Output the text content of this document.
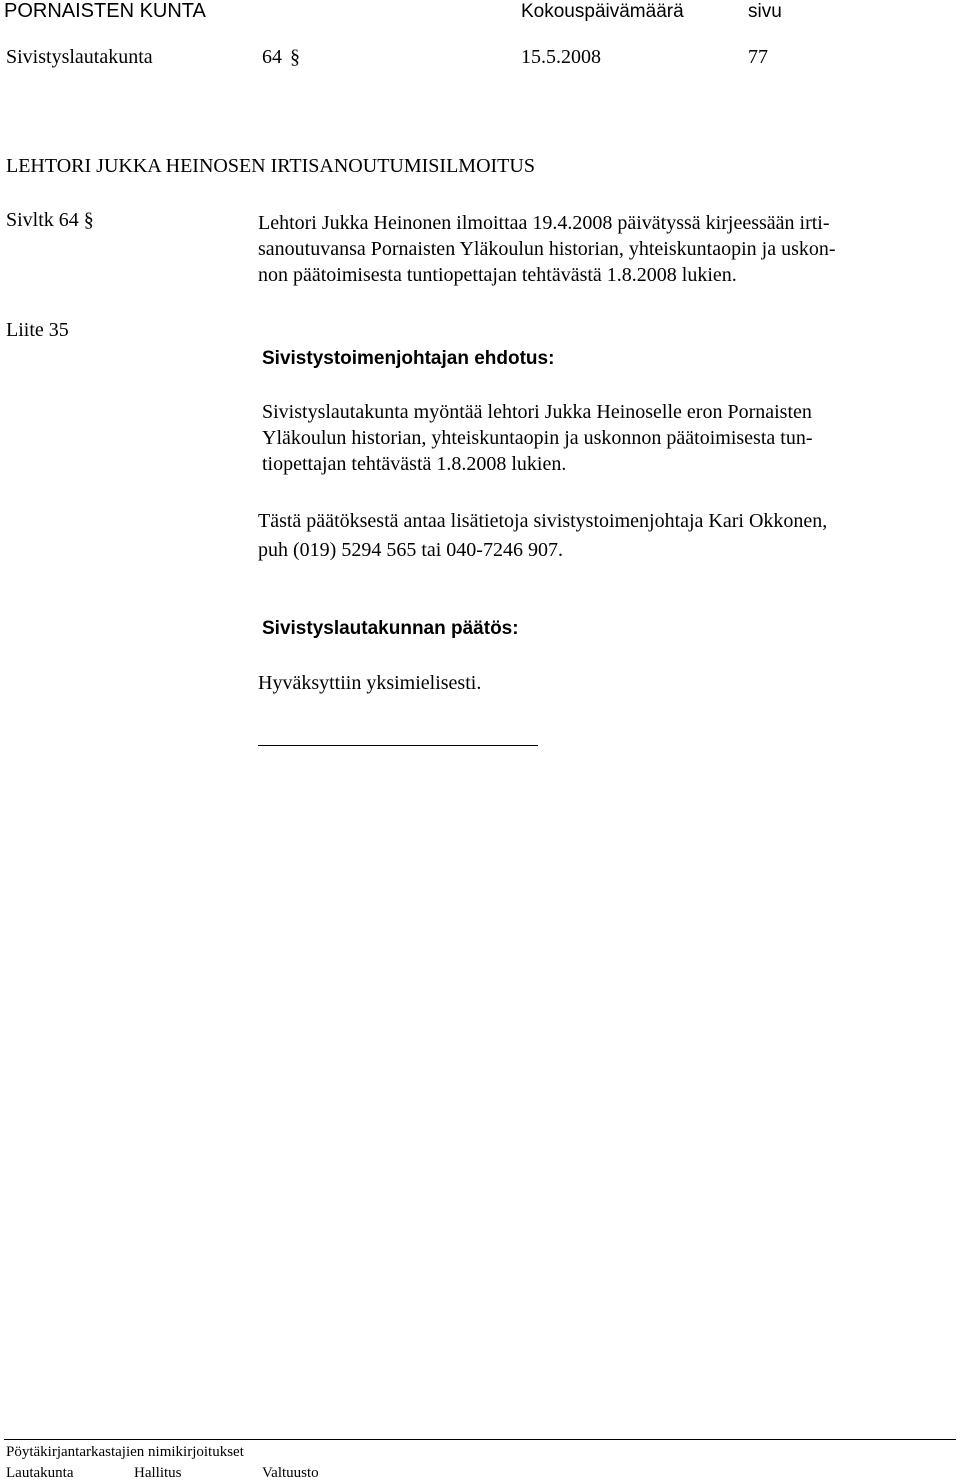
PORNAISTEN KUNTA	Kokouspäivämäärä	sivu
Sivistyslautakunta	64 §	15.5.2008	77
LEHTORI JUKKA HEINOSEN IRTISANOUTUMISILMOITUS
Sivltk 64 §
Liite 35

Lehtori Jukka Heinonen ilmoittaa 19.4.2008 päivätyssä kirjeessään irti-

sanoutuvansa Pornaisten Yläkoulun historian, yhteiskuntaopin ja uskon-

non päätoimisesta tuntiopettajan tehtävästä 1.8.2008 lukien.

Sivistystoimenjohtajan ehdotus:

Sivistyslautakunta myöntää lehtori Jukka Heinoselle eron Pornaisten

Yläkoulun historian, yhteiskuntaopin ja uskonnon päätoimisesta tun-

tiopettajan tehtävästä 1.8.2008 lukien.

Tästä päätöksestä antaa lisätietoja sivistystoimenjohtaja Kari Okkonen,

puh (019) 5294 565 tai 040-7246 907.

Sivistyslautakunnan päätös:
Hyväksyttiin yksimielisesti.
Pöytäkirjantarkastajien nimikirjoitukset
Lautakunta	Hallitus	Valtuusto
